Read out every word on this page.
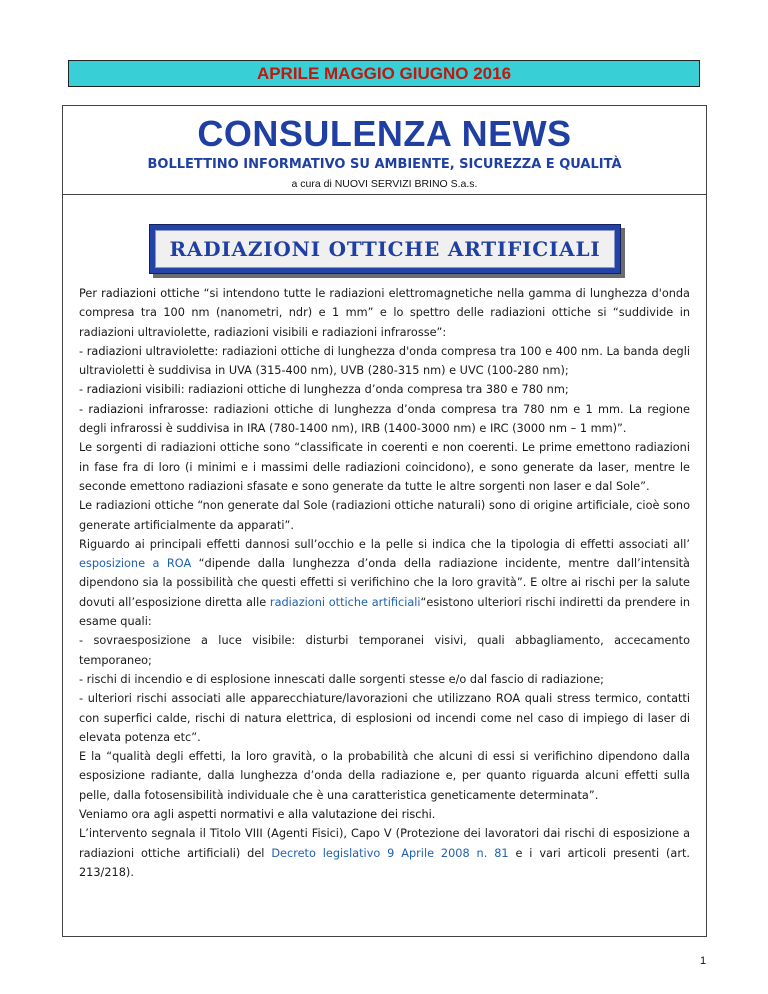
APRILE MAGGIO GIUGNO 2016
CONSULENZA NEWS
BOLLETTINO INFORMATIVO SU AMBIENTE, SICUREZZA E QUALITÀ
a cura di NUOVI SERVIZI BRINO S.a.s.
RADIAZIONI OTTICHE ARTIFICIALI

Per radiazioni ottiche “si intendono tutte le radiazioni elettromagnetiche nella gamma di lunghezza d'onda compresa tra 100 nm (nanometri, ndr) e 1 mm” e lo spettro delle radiazioni ottiche si “suddivide in radiazioni ultraviolette, radiazioni visibili e radiazioni infrarosse”:

- radiazioni ultraviolette: radiazioni ottiche di lunghezza d'onda compresa tra 100 e 400 nm. La banda degli ultravioletti è suddivisa in UVA (315-400 nm), UVB (280-315 nm) e UVC (100-280 nm);

- radiazioni visibili: radiazioni ottiche di lunghezza d’onda compresa tra 380 e 780 nm;

- radiazioni infrarosse: radiazioni ottiche di lunghezza d’onda compresa tra 780 nm e 1 mm. La regione degli infrarossi è suddivisa in IRA (780-1400 nm), IRB (1400-3000 nm) e IRC (3000 nm – 1 mm)”.

Le sorgenti di radiazioni ottiche sono “classificate in coerenti e non coerenti. Le prime emettono radiazioni in fase fra di loro (i minimi e i massimi delle radiazioni coincidono), e sono generate da laser, mentre le seconde emettono radiazioni sfasate e sono generate da tutte le altre sorgenti non laser e dal Sole”.

Le radiazioni ottiche “non generate dal Sole (radiazioni ottiche naturali) sono di origine artificiale, cioè sono generate artificialmente da apparati”.

Riguardo ai principali effetti dannosi sull’occhio e la pelle si indica che la tipologia di effetti associati all’ esposizione a ROA “dipende dalla lunghezza d’onda della radiazione incidente, mentre dall’intensità dipendono sia la possibilità che questi effetti si verifichino che la loro gravità”. E oltre ai rischi per la salute dovuti all’esposizione diretta alle radiazioni ottiche artificiali“esistono ulteriori rischi indiretti da prendere in esame quali:

- sovraesposizione a luce visibile: disturbi temporanei visivi, quali abbagliamento, accecamento temporaneo;

- rischi di incendio e di esplosione innescati dalle sorgenti stesse e/o dal fascio di radiazione;

- ulteriori rischi associati alle apparecchiature/lavorazioni che utilizzano ROA quali stress termico, contatti con superfici calde, rischi di natura elettrica, di esplosioni od incendi come nel caso di impiego di laser di elevata potenza etc”.

E la “qualità degli effetti, la loro gravità, o la probabilità che alcuni di essi si verifichino dipendono dalla esposizione radiante, dalla lunghezza d’onda della radiazione e, per quanto riguarda alcuni effetti sulla pelle, dalla fotosensibilità individuale che è una caratteristica geneticamente determinata”.

Veniamo ora agli aspetti normativi e alla valutazione dei rischi.

L’intervento segnala il Titolo VIII (Agenti Fisici), Capo V (Protezione dei lavoratori dai rischi di esposizione a radiazioni ottiche artificiali) del Decreto legislativo 9 Aprile 2008 n. 81 e i vari articoli presenti (art. 213/218).

1
